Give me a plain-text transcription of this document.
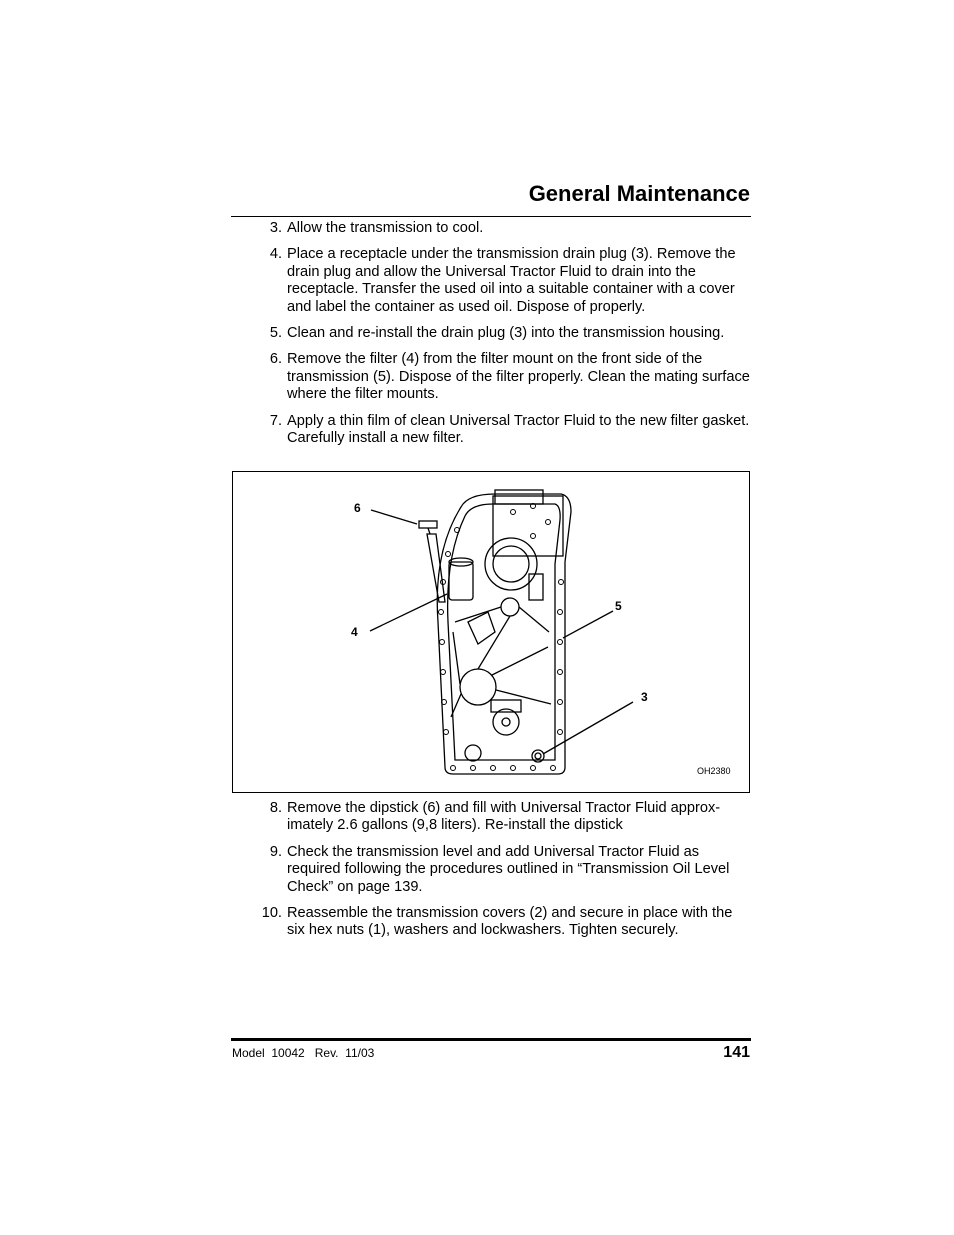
General Maintenance
3. Allow the transmission to cool.
4. Place a receptacle under the transmission drain plug (3). Remove the drain plug and allow the Universal Tractor Fluid to drain into the receptacle. Transfer the used oil into a suitable container with a cover and label the container as used oil. Dispose of properly.
5. Clean and re-install the drain plug (3) into the transmission housing.
6. Remove the filter (4) from the filter mount on the front side of the transmission (5). Dispose of the filter properly. Clean the mating surface where the filter mounts.
7. Apply a thin film of clean Universal Tractor Fluid to the new filter gasket. Carefully install a new filter.
6
4
5
3
OH2380
8. Remove the dipstick (6) and fill with Universal Tractor Fluid approx-imately 2.6 gallons (9,8 liters). Re-install the dipstick
9. Check the transmission level and add Universal Tractor Fluid as required following the procedures outlined in “Transmission Oil Level Check” on page 139.
10. Reassemble the transmission covers (2) and secure in place with the six hex nuts (1), washers and lockwashers. Tighten securely.
Model  10042   Rev.  11/03	141
